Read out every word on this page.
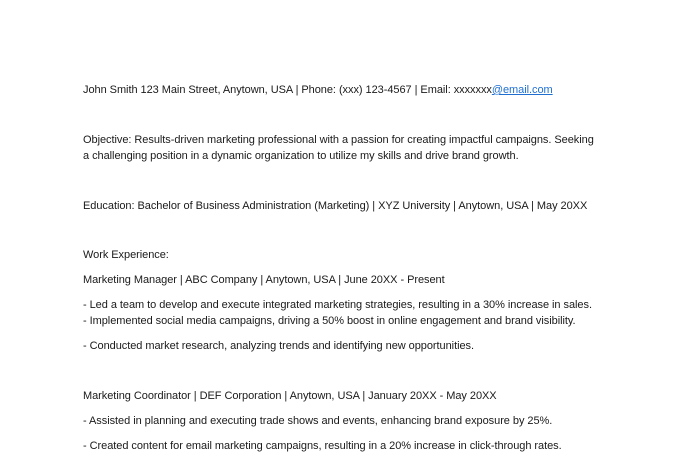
John Smith 123 Main Street, Anytown, USA | Phone: (xxx) 123-4567 | Email: xxxxxxx@email.com
Objective: Results-driven marketing professional with a passion for creating impactful campaigns. Seeking
a challenging position in a dynamic organization to utilize my skills and drive brand growth.
Education: Bachelor of Business Administration (Marketing) | XYZ University | Anytown, USA | May 20XX
Work Experience:
Marketing Manager | ABC Company | Anytown, USA | June 20XX - Present
- Led a team to develop and execute integrated marketing strategies, resulting in a 30% increase in sales.
- Implemented social media campaigns, driving a 50% boost in online engagement and brand visibility.
- Conducted market research, analyzing trends and identifying new opportunities.
Marketing Coordinator | DEF Corporation | Anytown, USA | January 20XX - May 20XX
- Assisted in planning and executing trade shows and events, enhancing brand exposure by 25%.
- Created content for email marketing campaigns, resulting in a 20% increase in click-through rates.
